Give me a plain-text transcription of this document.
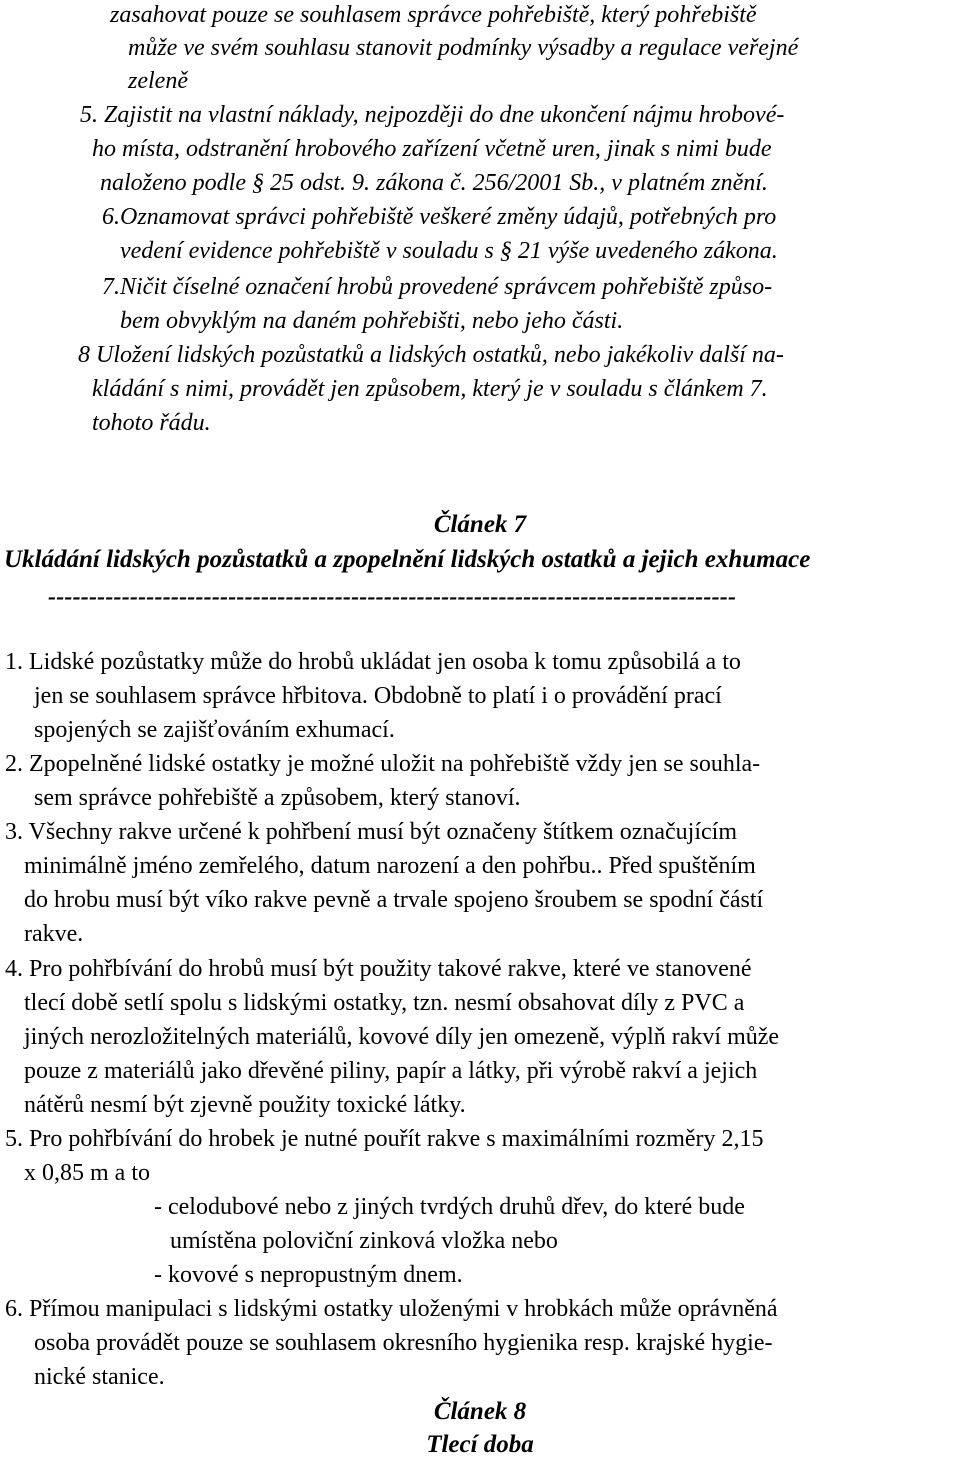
zasahovat pouze se souhlasem správce pohřebiště, který pohřebiště
může ve svém souhlasu stanovit podmínky výsadby a regulace veřejné
zeleně
5. Zajistit na vlastní náklady, nejpozději do dne ukončení nájmu hrobové-
ho místa, odstranění hrobového zařízení včetně uren, jinak s nimi bude
naloženo podle § 25 odst. 9. zákona č. 256/2001 Sb., v platném znění.
6.Oznamovat správci pohřebiště veškeré změny údajů, potřebných pro
vedení evidence pohřebiště v souladu s § 21 výše uvedeného zákona.
7.Ničit číselné označení hrobů provedené správcem pohřebiště způso-
bem obvyklým na daném pohřebišti, nebo jeho části.
8 Uložení lidských pozůstatků a lidských ostatků, nebo jakékoliv další na-
kládání s nimi, provádět jen způsobem, který je v souladu s článkem 7.
tohoto řádu.
Článek 7
Ukládání lidských pozůstatků a zpopelnění lidských ostatků a jejich exhumace
------------------------------------------------------------------------------------
1. Lidské pozůstatky může do hrobů ukládat jen osoba k tomu způsobilá a to
jen se souhlasem správce hřbitova. Obdobně to platí i o provádění prací
spojených se zajišťováním exhumací.
2. Zpopelněné lidské ostatky je možné uložit na pohřebiště vždy jen se souhla-
sem správce pohřebiště a způsobem, který stanoví.
3. Všechny rakve určené k pohřbení musí být označeny štítkem označujícím
minimálně jméno zemřelého, datum narození a den pohřbu.. Před spuštěním
do hrobu musí být víko rakve pevně a trvale spojeno šroubem se spodní částí
rakve.
4. Pro pohřbívání do hrobů musí být použity takové rakve, které ve stanovené
tlecí době setlí spolu s lidskými ostatky, tzn. nesmí obsahovat díly z PVC a
jiných nerozložitelných materiálů, kovové díly jen omezeně, výplň rakví může
pouze z materiálů jako dřevěné piliny, papír a látky, při výrobě rakví a jejich
nátěrů nesmí být zjevně použity toxické látky.
5. Pro pohřbívání do hrobek je nutné pouřít rakve s maximálními rozměry 2,15
x 0,85 m a to
- celodubové nebo z jiných tvrdých druhů dřev, do které bude
umístěna poloviční zinková vložka nebo
- kovové s nepropustným dnem.
6. Přímou manipulaci s lidskými ostatky uloženými v hrobkách může oprávněná
osoba provádět pouze se souhlasem okresního hygienika resp. krajské hygie-
nické stanice.
Článek 8
Tlecí doba
